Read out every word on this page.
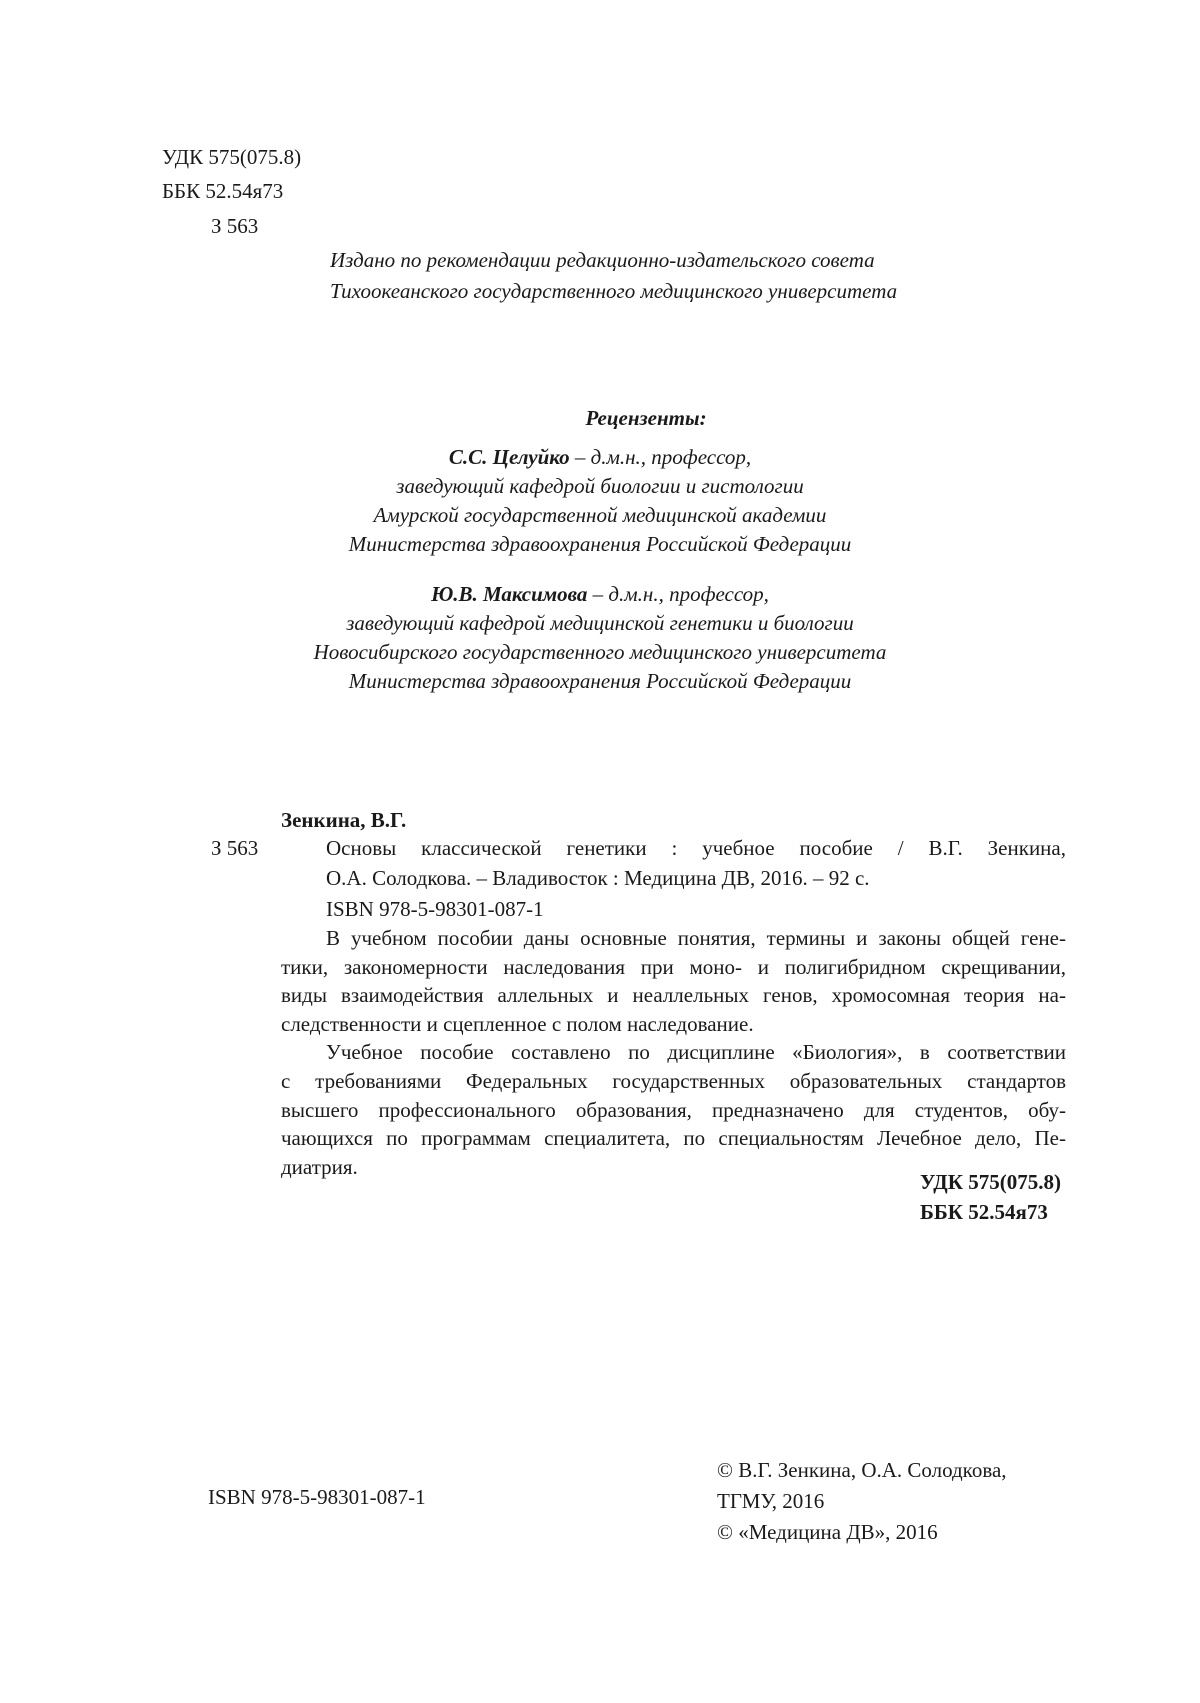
УДК 575(075.8)
ББК 52.54я73
З 563
Издано по рекомендации редакционно-издательского совета
Тихоокеанского государственного медицинского университета
Рецензенты:
С.С. Целуйко – д.м.н., профессор,
заведующий кафедрой биологии и гистологии
Амурской государственной медицинской академии
Министерства здравоохранения Российской Федерации
Ю.В. Максимова – д.м.н., профессор,
заведующий кафедрой медицинской генетики и биологии
Новосибирского государственного медицинского университета
Министерства здравоохранения Российской Федерации
Зенкина, В.Г.
З 563	Основы классической генетики : учебное пособие / В.Г. Зенкина,
О.А. Солодкова. – Владивосток : Медицина ДВ, 2016. – 92 с.
ISBN 978-5-98301-087-1
В учебном пособии даны основные понятия, термины и законы общей гене-
тики, закономерности наследования при моно- и полигибридном скрещивании,
виды взаимодействия аллельных и неаллельных генов, хромосомная теория на-
следственности и сцепленное с полом наследование.
Учебное пособие составлено по дисциплине «Биология», в соответствии
с требованиями Федеральных государственных образовательных стандартов
высшего профессионального образования, предназначено для студентов, обу-
чающихся по программам специалитета, по специальностям Лечебное дело, Пе-
диатрия.
УДК 575(075.8)
ББК 52.54я73
ISBN 978-5-98301-087-1
© В.Г. Зенкина, О.А. Солодкова,
ТГМУ, 2016
© «Медицина ДВ», 2016
